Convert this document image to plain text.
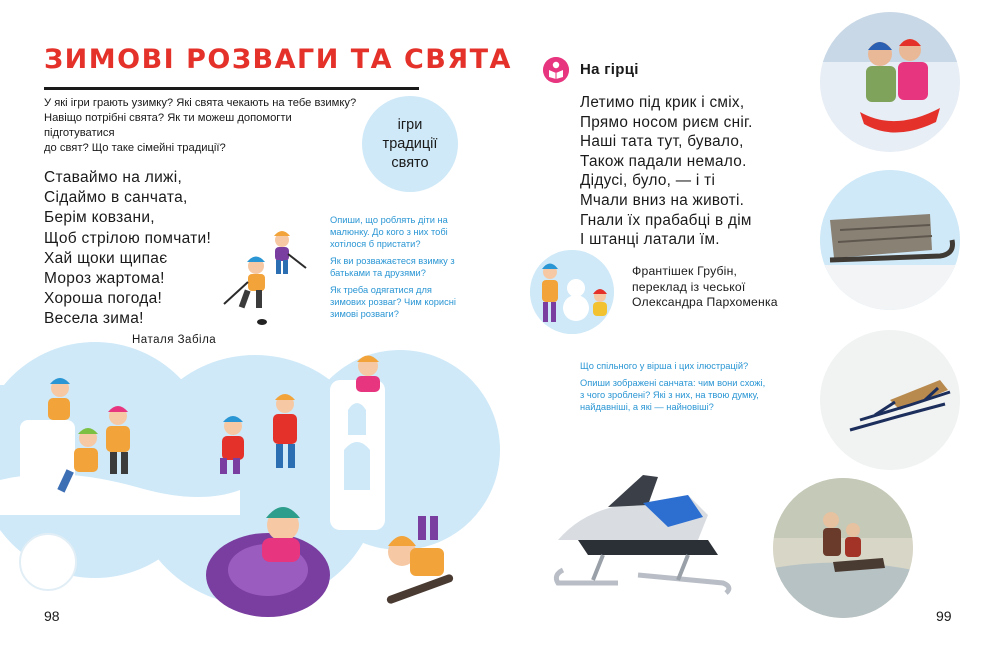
ЗИМОВІ РОЗВАГИ ТА СВЯТА
У які ігри грають узимку? Які свята чекають на тебе взимку?
Навіщо потрібні свята? Як ти можеш допомогти підготуватися
до свят? Що таке сімейні традиції?
ігри
традиції
свято
Ставаймо на лижі,
Сідаймо в санчата,
Берім ковзани,
Щоб стрілою помчати!
Хай щоки щипає
Мороз жартома!
Хороша погода!
Весела зима!
Наталя Забіла

Опиши, що роблять діти на малюнку. До кого з них тобі хотілося б пристати?

Як ви розважаєтеся взимку з батьками та друзями?

Як треба одягатися для зимових розваг? Чим корисні зимові розваги?

98
На гірці
Летимо під крик і сміх,
Прямо носом риєм сніг.
Наші тата тут, бувало,
Також падали немало.
Дідусі, було, — і ті
Мчали вниз на животі.
Гнали їх прабабці в дім
І штанці латали їм.
Франтішек Грубін,
переклад із чеської
Олександра Пархоменка

Що спільного у вірша і цих ілюстрацій?

Опиши зображені санчата: чим вони схожі, з чого зроблені? Які з них, на твою думку, найдавніші, а які — найновіші?

99
